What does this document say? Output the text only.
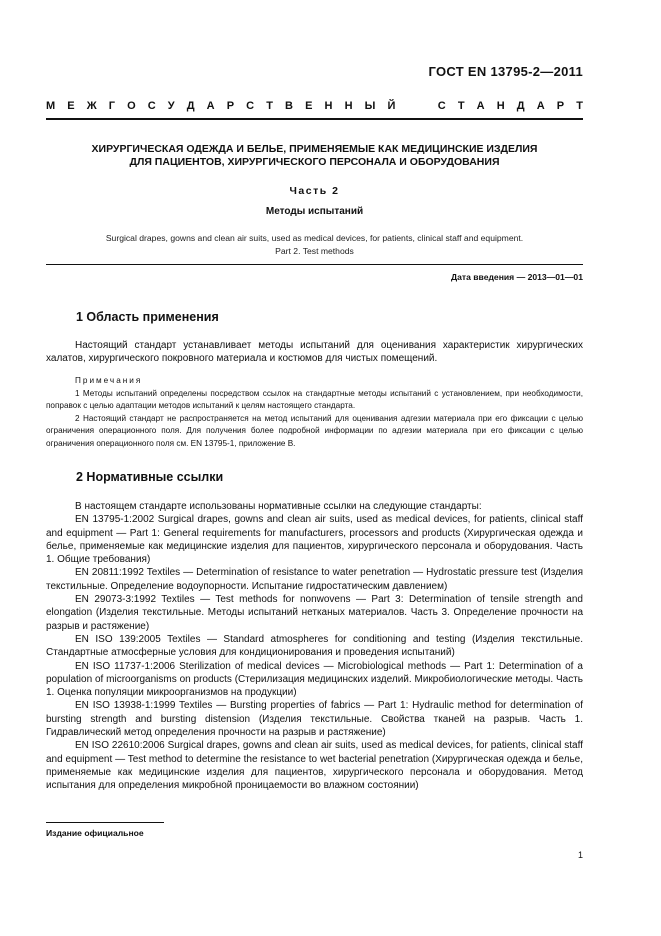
ГОСТ EN 13795-2—2011
М Е Ж Г О С У Д А Р С Т В Е Н Н Ы Й

	С Т А Н Д А Р Т
ХИРУРГИЧЕСКАЯ ОДЕЖДА И БЕЛЬЕ, ПРИМЕНЯЕМЫЕ КАК МЕДИЦИНСКИЕ ИЗДЕЛИЯ
ДЛЯ ПАЦИЕНТОВ, ХИРУРГИЧЕСКОГО ПЕРСОНАЛА И ОБОРУДОВАНИЯ
Часть 2
Методы испытаний
Surgical drapes, gowns and clean air suits, used as medical devices, for patients, clinical staff and equipment.
Part 2. Test methods
Дата введения — 2013—01—01
1 Область применения

Настоящий стандарт устанавливает методы испытаний для оценивания характеристик хирургических халатов, хирургического покровного материала и костюмов для чистых помещений.

Примечания

1 Методы испытаний определены посредством ссылок на стандартные методы испытаний с установлением, при необходимости, поправок с целью адаптации методов испытаний к целям настоящего стандарта.

2 Настоящий стандарт не распространяется на метод испытаний для оценивания адгезии материала при его фиксации с целью ограничения операционного поля. Для получения более подробной информации по адгезии материала при его фиксации с целью ограничения операционного поля см. EN 13795-1, приложение В.

2 Нормативные ссылки

В настоящем стандарте использованы нормативные ссылки на следующие стандарты:

EN 13795-1:2002 Surgical drapes, gowns and clean air suits, used as medical devices, for patients, clinical staff and equipment — Part 1: General requirements for manufacturers, processors and products (Хирургическая одежда и белье, применяемые как медицинские изделия для пациентов, хирургического персонала и оборудования. Часть 1. Общие требования)

EN 20811:1992 Textiles — Determination of resistance to water penetration — Hydrostatic pressure test (Изделия текстильные. Определение водоупорности. Испытание гидростатическим давлением)

EN 29073-3:1992 Textiles — Test methods for nonwovens — Part 3: Determination of tensile strength and elongation (Изделия текстильные. Методы испытаний нетканых материалов. Часть 3. Определение прочности на разрыв и растяжение)

EN ISO 139:2005 Textiles — Standard atmospheres for conditioning and testing (Изделия текстильные. Стандартные атмосферные условия для кондиционирования и проведения испытаний)

EN ISO 11737-1:2006 Sterilization of medical devices — Microbiological methods — Part 1: Determination of a population of microorganisms on products (Стерилизация медицинских изделий. Микробиологические методы. Часть 1. Оценка популяции микроорганизмов на продукции)

EN ISO 13938-1:1999 Textiles — Bursting properties of fabrics — Part 1: Hydraulic method for determination of bursting strength and bursting distension (Изделия текстильные. Свойства тканей на разрыв. Часть 1. Гидравлический метод определения прочности на разрыв и растяжение)

EN ISO 22610:2006 Surgical drapes, gowns and clean air suits, used as medical devices, for patients, clinical staff and equipment — Test method to determine the resistance to wet bacterial penetration (Хирургическая одежда и белье, применяемые как медицинские изделия для пациентов, хирургического персонала и оборудования. Метод испытания для определения микробной проницаемости во влажном состоянии)

Издание официальное
1
